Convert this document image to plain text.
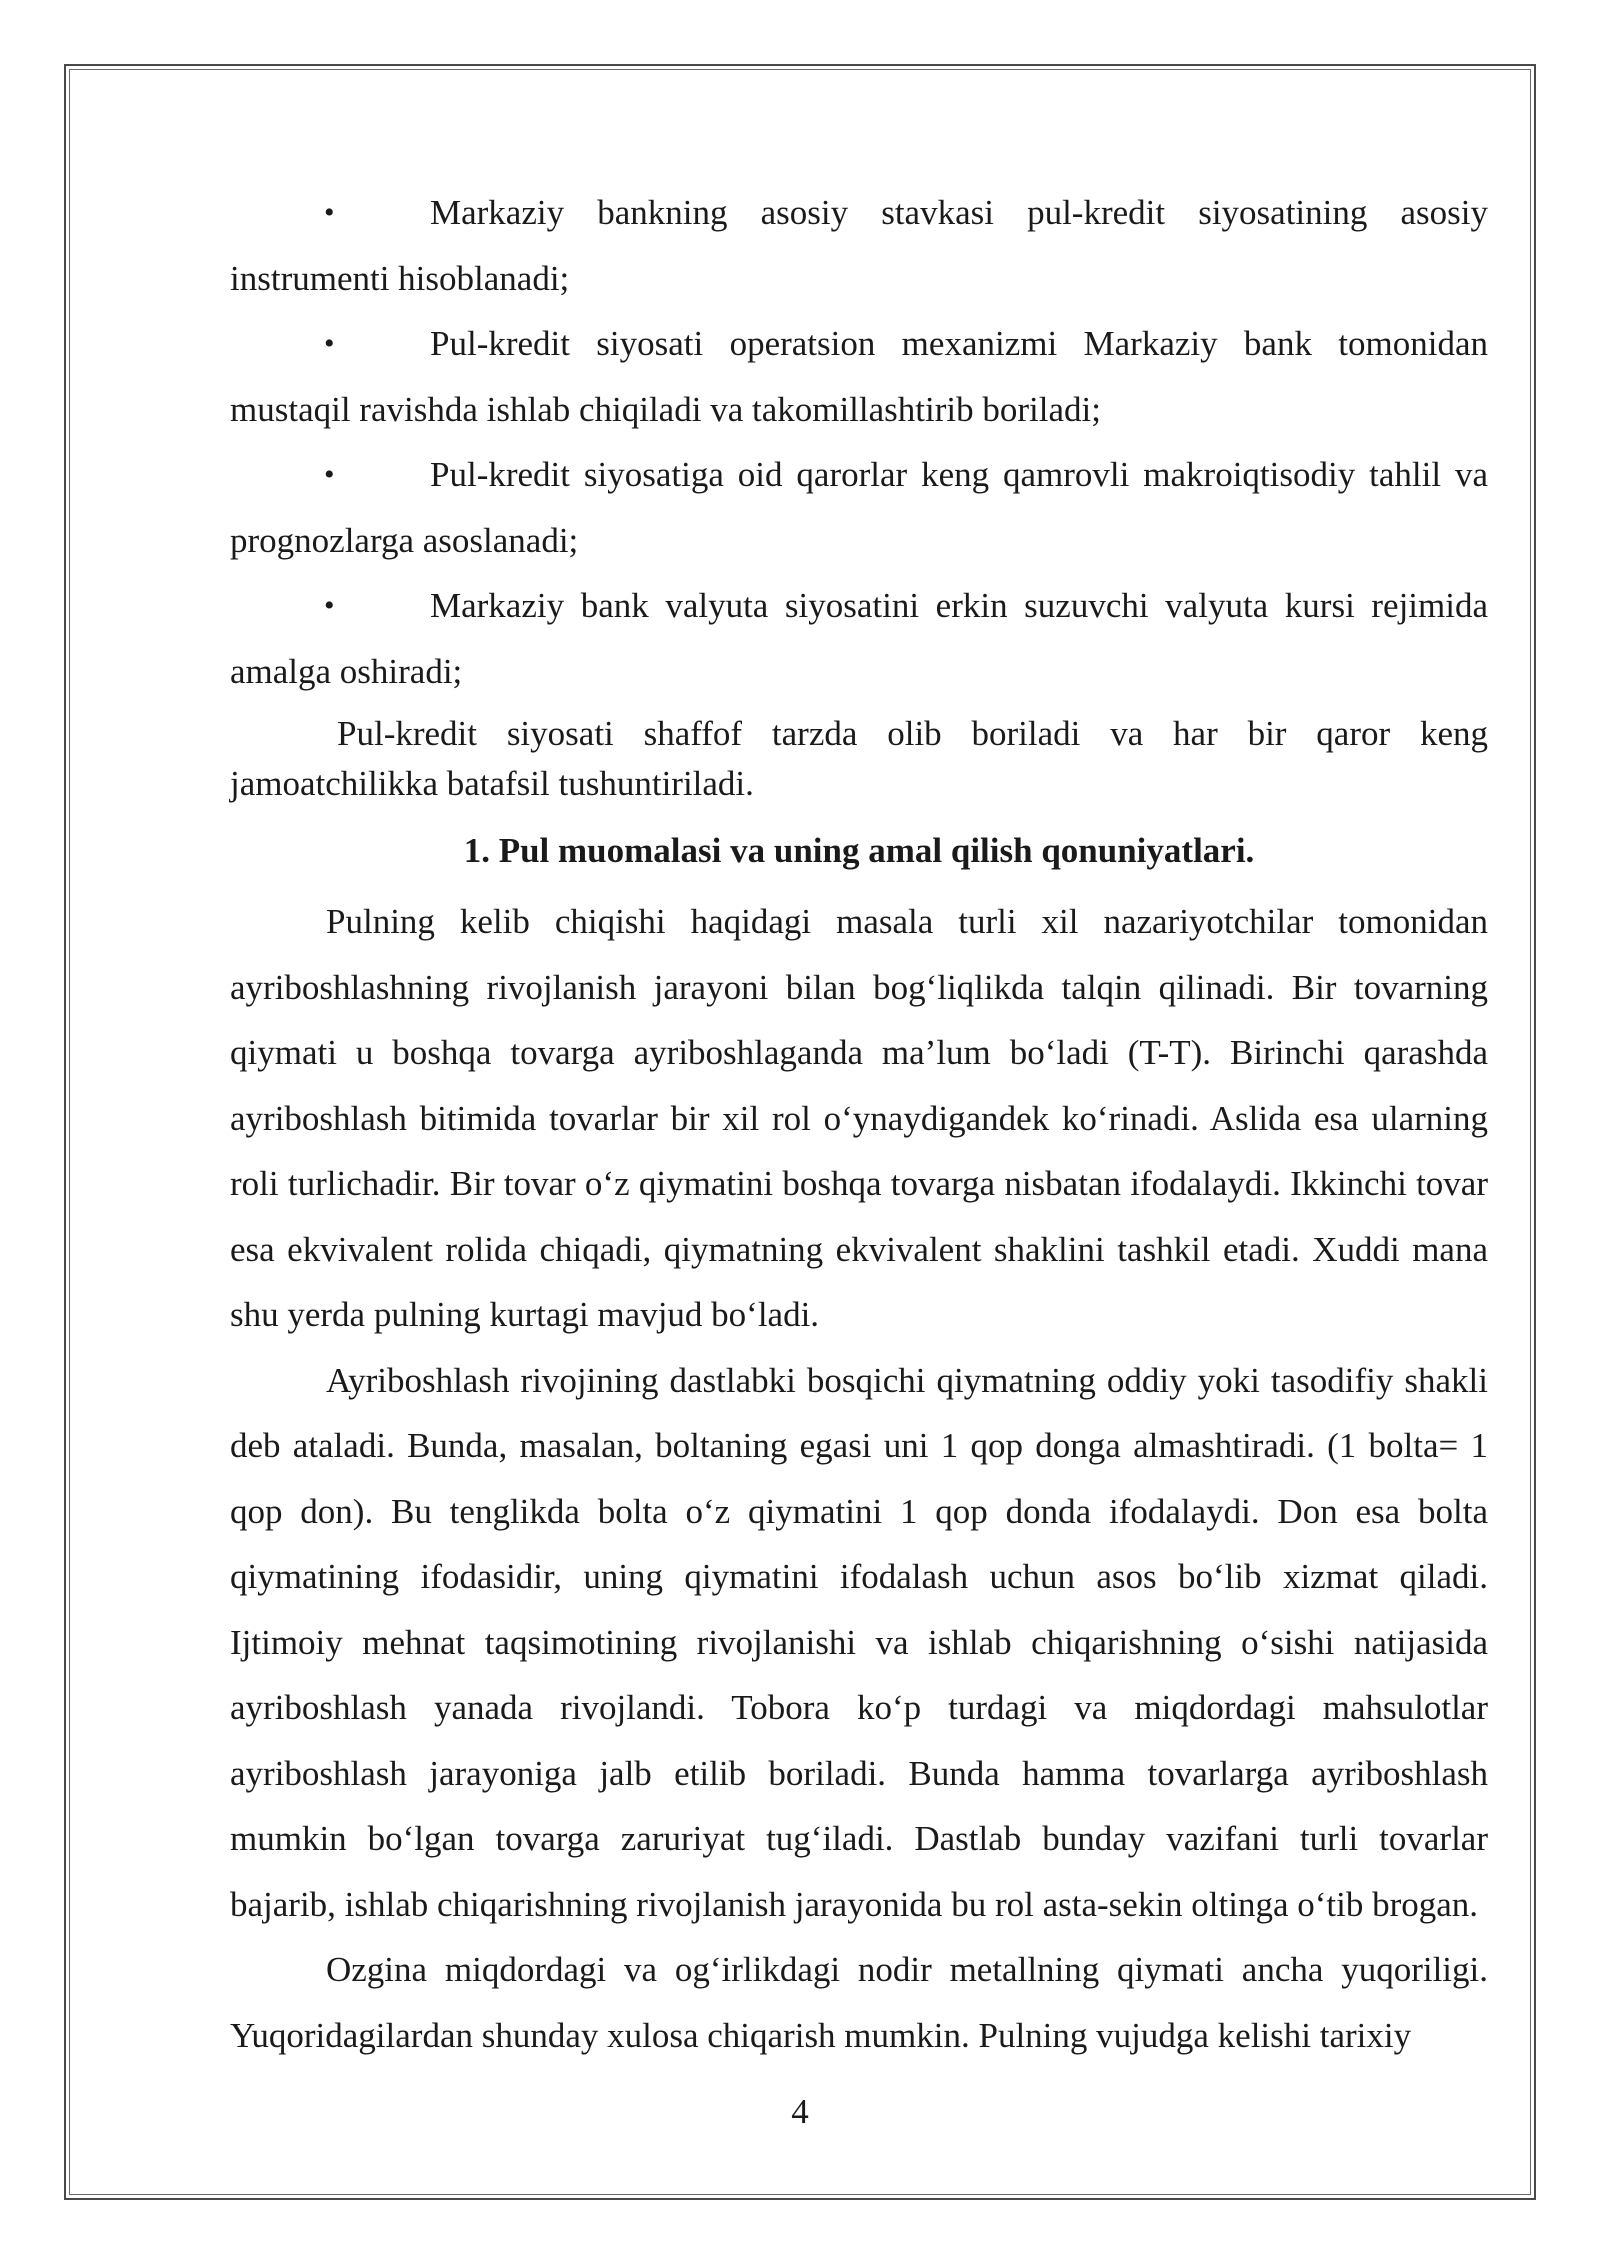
•	Markaziy bankning asosiy stavkasi pul-kredit siyosatining asosiy instrumenti hisoblanadi;

•	Pul-kredit siyosati operatsion mexanizmi Markaziy bank tomonidan mustaqil ravishda ishlab chiqiladi va takomillashtirib boriladi;

•	Pul-kredit siyosatiga oid qarorlar keng qamrovli makroiqtisodiy tahlil va prognozlarga asoslanadi;

•	Markaziy bank valyuta siyosatini erkin suzuvchi valyuta kursi rejimida amalga oshiradi;

Pul-kredit siyosati shaffof tarzda olib boriladi va har bir qaror keng jamoatchilikka batafsil tushuntiriladi.

1. Pul muomalasi va uning amal qilish qonuniyatlari.

Pulning kelib chiqishi haqidagi masala turli xil nazariyotchilar tomonidan ayriboshlashning rivojlanish jarayoni bilan bog‘liqlikda talqin qilinadi. Bir tovarning qiymati u boshqa tovarga ayriboshlaganda ma’lum bo‘ladi (T-T). Birinchi qarashda ayriboshlash bitimida tovarlar bir xil rol o‘ynaydigandek ko‘rinadi. Aslida esa ularning roli turlichadir. Bir tovar o‘z qiymatini boshqa tovarga nisbatan ifodalaydi. Ikkinchi tovar esa ekvivalent rolida chiqadi, qiymatning ekvivalent shaklini tashkil etadi. Xuddi mana shu yerda pulning kurtagi mavjud bo‘ladi.

Ayriboshlash rivojining dastlabki bosqichi qiymatning oddiy yoki tasodifiy shakli deb ataladi. Bunda, masalan, boltaning egasi uni 1 qop donga almashtiradi. (1 bolta= 1 qop don). Bu tenglikda bolta o‘z qiymatini 1 qop donda ifodalaydi. Don esa bolta qiymatining ifodasidir, uning qiymatini ifodalash uchun asos bo‘lib xizmat qiladi. Ijtimoiy mehnat taqsimotining rivojlanishi va ishlab chiqarishning o‘sishi natijasida ayriboshlash yanada rivojlandi. Tobora ko‘p turdagi va miqdordagi mahsulotlar ayriboshlash jarayoniga jalb etilib boriladi. Bunda hamma tovarlarga ayriboshlash mumkin bo‘lgan tovarga zaruriyat tug‘iladi. Dastlab bunday vazifani turli tovarlar bajarib, ishlab chiqarishning rivojlanish jarayonida bu rol asta-sekin oltinga o‘tib brogan.

Ozgina miqdordagi va og‘irlikdagi nodir metallning qiymati ancha yuqoriligi. Yuqoridagilardan shunday xulosa chiqarish mumkin. Pulning vujudga kelishi tarixiy

4
